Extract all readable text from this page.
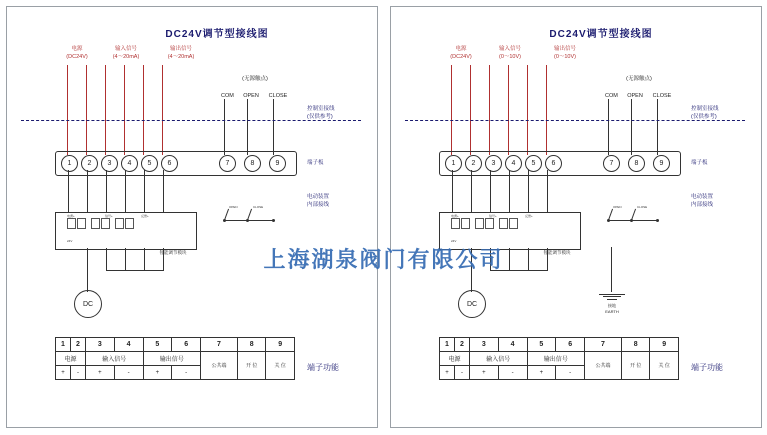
DC24V调节型接线图
电源
(DC24V)
输入信号
(4～20mA)
输出信号
(4～20mA)
(无源触点)
COM	OPEN	CLOSE
控制室接线
(仅供参考)
1	2	3	4	5	6	7	8	9	端子板
电动装置
内部接线
电源+	信号+	反馈+
24V
智能调节模块
OPEN	CLOSE
DC
1	2	3	4	5	6	7	8	9
电源		输入信号		输出信号		公共端	开 位	关 位
+	-	+	-	+	-			
端子功能
DC24V调节型接线图
电源
(DC24V)
输入信号
(0～10V)
输出信号
(0～10V)
(无源触点)
COM	OPEN	CLOSE
控制室接线
(仅供参考)
1	2	3	4	5	6	7	8	9	端子板
电动装置
内部接线
电源+	信号+	反馈+
24V
智能调节模块
OPEN	CLOSE
DC	接地
EARTH
1	2	3	4	5	6	7	8	9
电源		输入信号		输出信号		公共端	开 位	关 位
+	-	+	-	+	-			
端子功能
上海湖泉阀门有限公司
